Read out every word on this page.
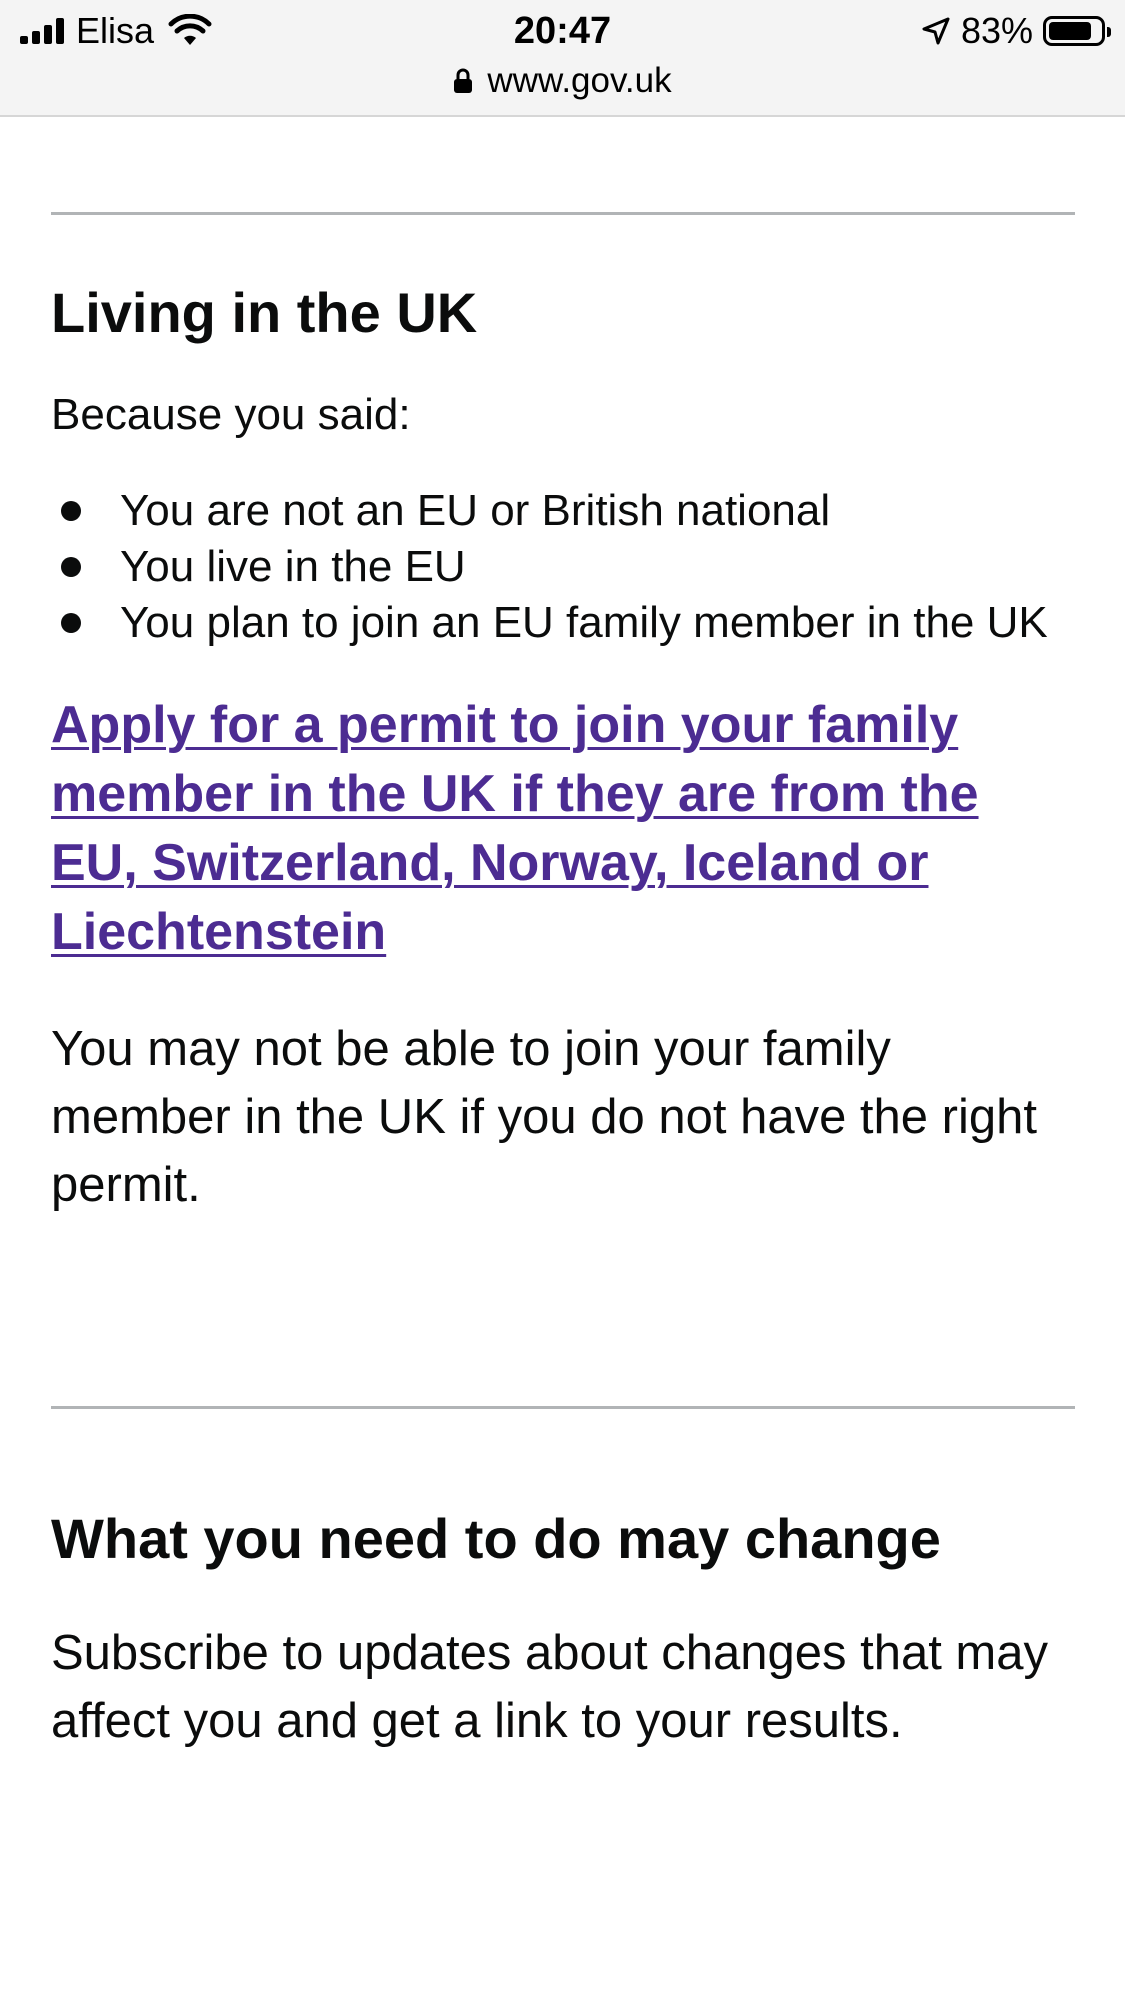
Elisa	20:47	83%
www.gov.uk
Living in the UK

Because you said:

You are not an EU or British national
You live in the EU
You plan to join an EU family member in the UK
Apply for a permit to join your family member in the UK if they are from the EU, Switzerland, Norway, Iceland or Liechtenstein

You may not be able to join your family member in the UK if you do not have the right permit.

What you need to do may change

Subscribe to updates about changes that may affect you and get a link to your results.
